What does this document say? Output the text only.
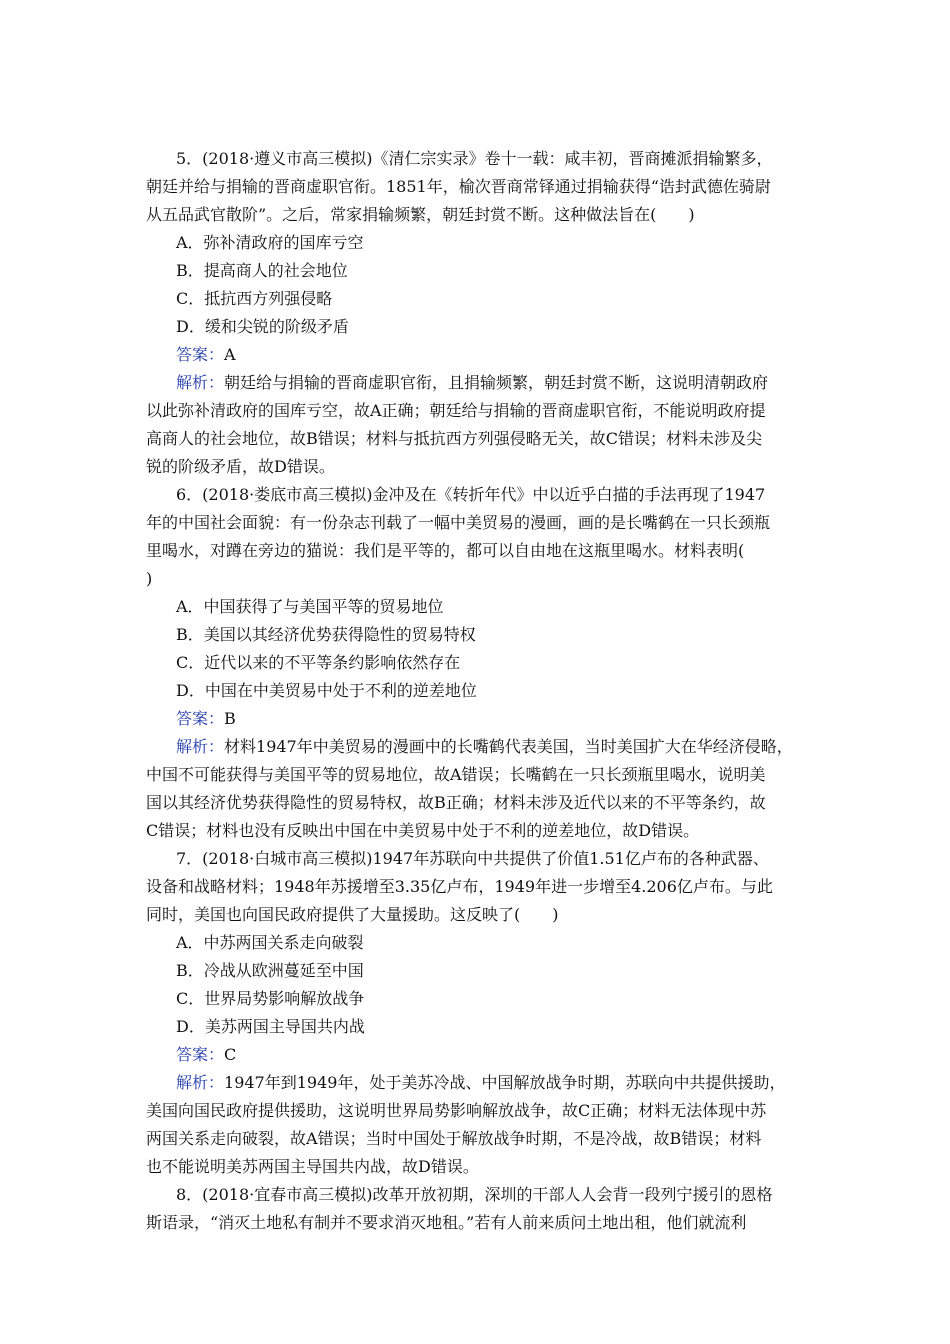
5．(2018·遵义市高三模拟)《清仁宗实录》卷十一载：咸丰初，晋商摊派捐输繁多，
朝廷并给与捐输的晋商虚职官衔。1851年，榆次晋商常铎通过捐输获得“诰封武德佐骑尉
从五品武官散阶”。之后，常家捐输频繁，朝廷封赏不断。这种做法旨在(　　)
A．弥补清政府的国库亏空
B．提高商人的社会地位
C．抵抗西方列强侵略
D．缓和尖锐的阶级矛盾
答案：A
解析：朝廷给与捐输的晋商虚职官衔，且捐输频繁，朝廷封赏不断，这说明清朝政府
以此弥补清政府的国库亏空，故A正确；朝廷给与捐输的晋商虚职官衔，不能说明政府提
高商人的社会地位，故B错误；材料与抵抗西方列强侵略无关，故C错误；材料未涉及尖
锐的阶级矛盾，故D错误。
6．(2018·娄底市高三模拟)金冲及在《转折年代》中以近乎白描的手法再现了1947
年的中国社会面貌：有一份杂志刊载了一幅中美贸易的漫画，画的是长嘴鹤在一只长颈瓶
里喝水，对蹲在旁边的猫说：我们是平等的，都可以自由地在这瓶里喝水。材料表明(
)
A．中国获得了与美国平等的贸易地位
B．美国以其经济优势获得隐性的贸易特权
C．近代以来的不平等条约影响依然存在
D．中国在中美贸易中处于不利的逆差地位
答案：B
解析：材料1947年中美贸易的漫画中的长嘴鹤代表美国，当时美国扩大在华经济侵略，
中国不可能获得与美国平等的贸易地位，故A错误；长嘴鹤在一只长颈瓶里喝水，说明美
国以其经济优势获得隐性的贸易特权，故B正确；材料未涉及近代以来的不平等条约，故
C错误；材料也没有反映出中国在中美贸易中处于不利的逆差地位，故D错误。
7．(2018·白城市高三模拟)1947年苏联向中共提供了价值1.51亿卢布的各种武器、
设备和战略材料；1948年苏援增至3.35亿卢布，1949年进一步增至4.206亿卢布。与此
同时，美国也向国民政府提供了大量援助。这反映了(　　)
A．中苏两国关系走向破裂
B．冷战从欧洲蔓延至中国
C．世界局势影响解放战争
D．美苏两国主导国共内战
答案：C
解析：1947年到1949年，处于美苏冷战、中国解放战争时期，苏联向中共提供援助，
美国向国民政府提供援助，这说明世界局势影响解放战争，故C正确；材料无法体现中苏
两国关系走向破裂，故A错误；当时中国处于解放战争时期，不是冷战，故B错误；材料
也不能说明美苏两国主导国共内战，故D错误。
8．(2018·宜春市高三模拟)改革开放初期，深圳的干部人人会背一段列宁援引的恩格
斯语录，“消灭土地私有制并不要求消灭地租。”若有人前来质问土地出租，他们就流利
